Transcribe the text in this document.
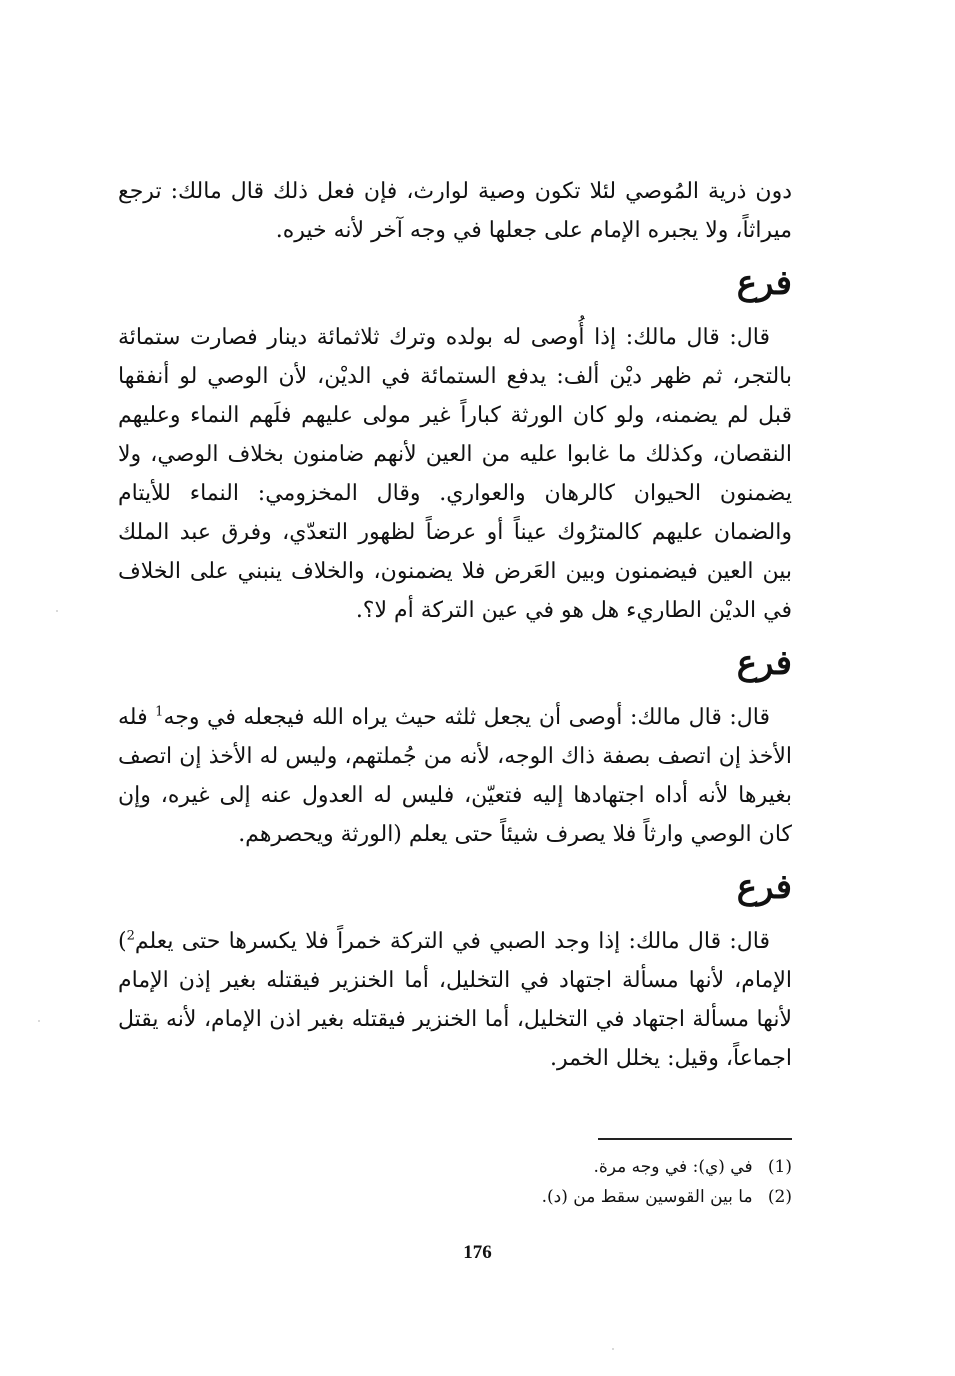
دون ذرية المُوصي لئلا تكون وصية لوارث، فإن فعل ذلك قال مالك: ترجع ميراثاً، ولا يجبره الإمام على جعلها في وجه آخر لأنه خيره.

فرع

قال: قال مالك: إذا أُوصى له بولده وترك ثلاثمائة دينار فصارت ستمائة بالتجر، ثم ظهر ديْن ألف: يدفع الستمائة في الديْن، لأن الوصي لو أنفقها قبل لم يضمنه، ولو كان الورثة كباراً غير مولى عليهم فلَهم النماء وعليهم النقصان، وكذلك ما غابوا عليه من العين لأنهم ضامنون بخلاف الوصي، ولا يضمنون الحيوان كالرهان والعواري. وقال المخزومي: النماء للأيتام والضمان عليهم كالمترُوك عيناً أو عرضاً لظهور التعدّي، وفرق عبد الملك بين العين فيضمنون وبين العَرض فلا يضمنون، والخلاف ينبني على الخلاف في الديْن الطاريء هل هو في عين التركة أم لا؟.

فرع

قال: قال مالك: أوصى أن يجعل ثلثه حيث يراه الله فيجعله في وجه$^1$ فله الأخذ إن اتصف بصفة ذاك الوجه، لأنه من جُملتهم، وليس له الأخذ إن اتصف بغيرها لأنه أداه اجتهادها إليه فتعيّن، فليس له العدول عنه إلى غيره، وإن كان الوصي وارثاً فلا يصرف شيئاً حتى يعلم (الورثة ويحصرهم.

فرع

قال: قال مالك: إذا وجد الصبي في التركة خمراً فلا يكسرها حتى يعلم$^2$) الإمام، لأنها مسألة اجتهاد في التخليل، أما الخنزير فيقتله بغير إذن الإمام لأنها مسألة اجتهاد في التخليل، أما الخنزير فيقتله بغير اذن الإمام، لأنه يقتل اجماعاً، وقيل: يخلل الخمر.

(1) في (ي): في وجه مرة.
(2) ما بين القوسين سقط من (د).
176
